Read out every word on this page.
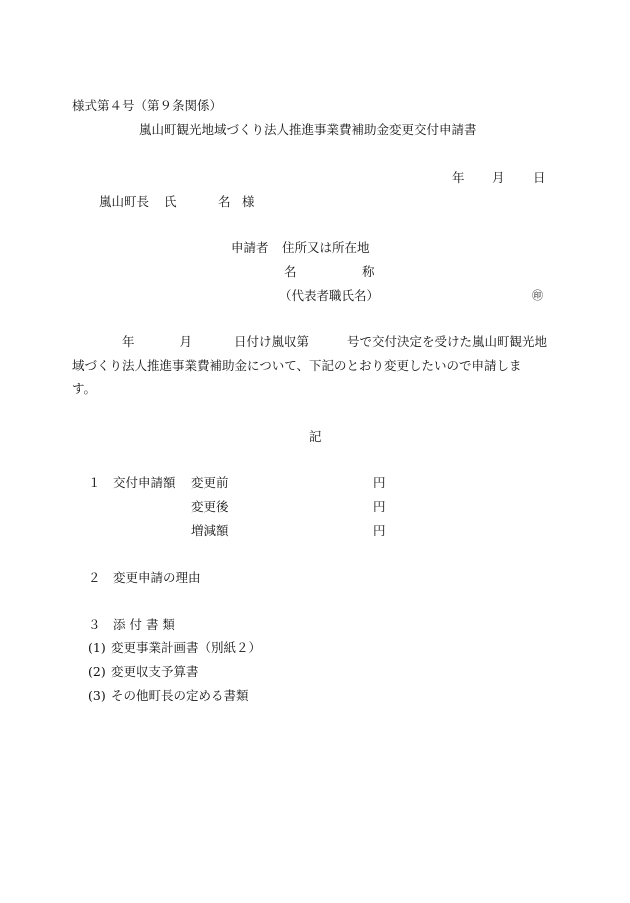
様式第４号（第９条関係）
嵐山町観光地域づくり法人推進事業費補助金変更交付申請書
年 月 日
嵐山町長 氏	名 様
申請者 住所又は所在地
名	称
（代表者職氏名）	㊞
年	月	日付け嵐収第	号で交付決定を受けた嵐山町観光地
域づくり法人推進事業費補助金について、下記のとおり変更したいので申請しま
す。
記
１ 交付申請額 変更前	円
変更後	円
増減額	円
２ 変更申請の理由
３ 添 付 書 類
(1) 変更事業計画書（別紙２）
(2) 変更収支予算書
(3) その他町長の定める書類
